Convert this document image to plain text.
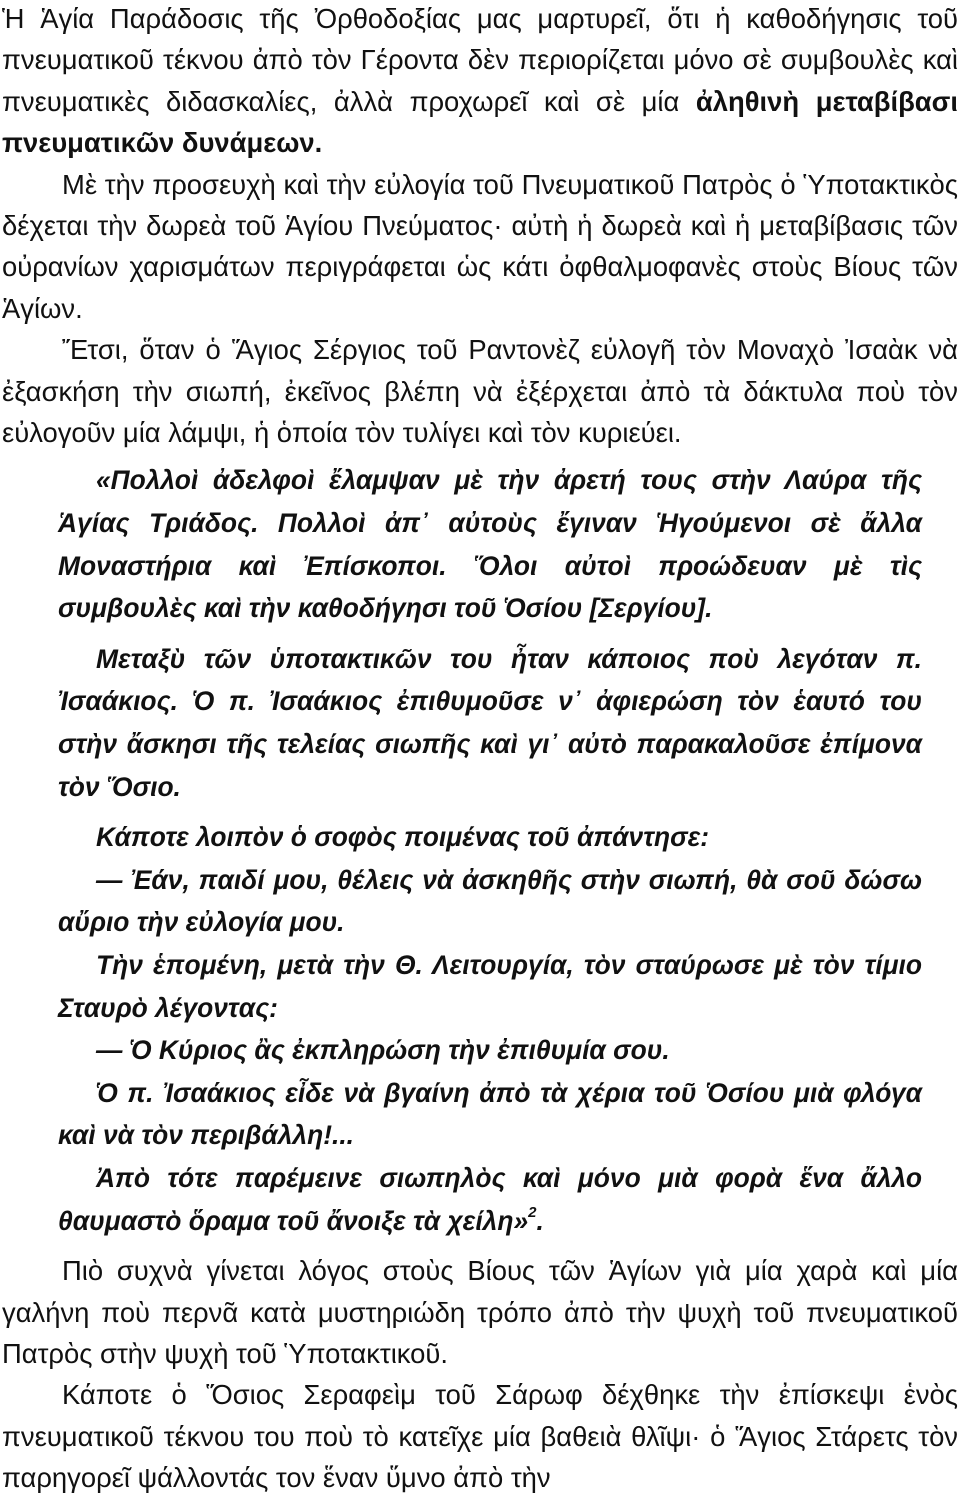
Ἡ Ἁγία Παράδοσις τῆς Ὀρθοδοξίας μας μαρτυρεῖ, ὅτι ἡ καθοδήγησις τοῦ πνευματικοῦ τέκνου ἀπὸ τὸν Γέροντα δὲν περιορίζεται μόνο σὲ συμβουλὲς καὶ πνευματικὲς διδασκαλίες, ἀλλὰ προχωρεῖ καὶ σὲ μία ἀληθινὴ μεταβίβασι πνευματικῶν δυνάμεων.

Μὲ τὴν προσευχὴ καὶ τὴν εὐλογία τοῦ Πνευματικοῦ Πατρὸς ὁ Ὑποτακτικὸς δέχεται τὴν δωρεὰ τοῦ Ἁγίου Πνεύματος· αὐτὴ ἡ δωρεὰ καὶ ἡ μεταβίβασις τῶν οὐρανίων χαρισμάτων περιγράφεται ὡς κάτι ὀφθαλμοφανὲς στοὺς Βίους τῶν Ἁγίων.

Ἔτσι, ὅταν ὁ Ἅγιος Σέργιος τοῦ Ραντονὲζ εὐλογῆ τὸν Μοναχὸ Ἰσαὰκ νὰ ἐξασκήση τὴν σιωπή, ἐκεῖνος βλέπη νὰ ἐξέρχεται ἀπὸ τὰ δάκτυλα ποὺ τὸν εὐλογοῦν μία λάμψι, ἡ ὁποία τὸν τυλίγει καὶ τὸν κυριεύει.

«Πολλοὶ ἀδελφοὶ ἔλαμψαν μὲ τὴν ἀρετή τους στὴν Λαύρα τῆς Ἁγίας Τριάδος. Πολλοὶ ἀπ᾽ αὐτοὺς ἔγιναν Ἡγούμενοι σὲ ἄλλα Μοναστήρια καὶ Ἐπίσκοποι. Ὅλοι αὐτοὶ προώδευαν μὲ τὶς συμβουλὲς καὶ τὴν καθοδήγησι τοῦ Ὁσίου [Σεργίου].

Μεταξὺ τῶν ὑποτακτικῶν του ἦταν κάποιος ποὺ λεγόταν π. Ἰσαάκιος. Ὁ π. Ἰσαάκιος ἐπιθυμοῦσε ν᾽ ἀφιερώση τὸν ἑαυτό του στὴν ἄσκησι τῆς τελείας σιωπῆς καὶ γι᾽ αὐτὸ παρακαλοῦσε ἐπίμονα τὸν Ὅσιο.

Κάποτε λοιπὸν ὁ σοφὸς ποιμένας τοῦ ἀπάντησε:

— Ἐάν, παιδί μου, θέλεις νὰ ἀσκηθῆς στὴν σιωπή, θὰ σοῦ δώσω αὔριο τὴν εὐλογία μου.

Τὴν ἑπομένη, μετὰ τὴν Θ. Λειτουργία, τὸν σταύρωσε μὲ τὸν τίμιο Σταυρὸ λέγοντας:

— Ὁ Κύριος ἂς ἐκπληρώση τὴν ἐπιθυμία σου.

Ὁ π. Ἰσαάκιος εἶδε νὰ βγαίνη ἀπὸ τὰ χέρια τοῦ Ὁσίου μιὰ φλόγα καὶ νὰ τὸν περιβάλλη!...

Ἀπὸ τότε παρέμεινε σιωπηλὸς καὶ μόνο μιὰ φορὰ ἕνα ἄλλο θαυμαστὸ ὅραμα τοῦ ἄνοιξε τὰ χείλη»$^2$.

Πιὸ συχνὰ γίνεται λόγος στοὺς Βίους τῶν Ἁγίων γιὰ μία χαρὰ καὶ μία γαλήνη ποὺ περνᾶ κατὰ μυστηριώδη τρόπο ἀπὸ τὴν ψυχὴ τοῦ πνευματικοῦ Πατρὸς στὴν ψυχὴ τοῦ Ὑποτακτικοῦ.

Κάποτε ὁ Ὅσιος Σεραφεὶμ τοῦ Σάρωφ δέχθηκε τὴν ἐπίσκεψι ἑνὸς πνευματικοῦ τέκνου του ποὺ τὸ κατεῖχε μία βαθειὰ θλῖψι· ὁ Ἅγιος Στάρετς τὸν παρηγορεῖ ψάλλοντάς τον ἕναν ὕμνο ἀπὸ τὴν
